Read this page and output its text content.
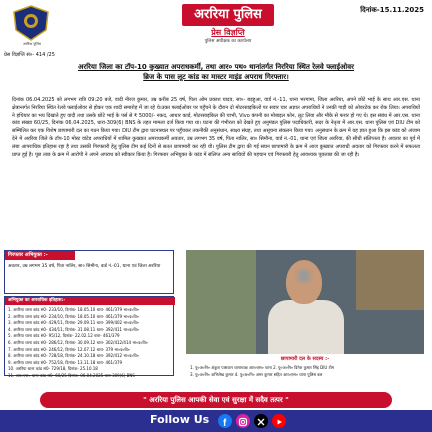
अररिया पुलिस
दिनांक-15.11.2025
अररिया पुलिस
प्रेस विज्ञप्ति
पुलिस अधीक्षक का कार्यालय
प्रेस विज्ञप्ति सं०- 414 /25
अररिया जिला का टॉप-10 कुख्यात अपराधकर्मी, तथा आर० पथ० थानांतर्गत निररिया स्थित रेलवे फ्लाईओवर
ब्रिज के पास लूट कांड का मास्टर माइंड अपराध गिरफ्तार।
दिनांक 06.04.2025 को लगभग रात्रि 09:20 बजे, वादी नीरज कुमार, उम्र करीब 25 वर्ष, पिता ओम प्रकाश यादव, सा०- बड़हुआ, वार्ड नं.-11, थाना भरगामा, जिला अररिया, अपने छोटे भाई के साथ आर.एस. थाना क्षेत्रान्तर्गत निररिया स्थित रेलवे फ्लाईओवर से होकर एक शादी समारोह में जा रहे थे।उक्त फ्लाईओवर पर पहुँचने के दौरान दो मोटरसाइकिलों पर सवार चार अज्ञात अपराधियों ने उनकी गाड़ी को ओवरटेक कर रोक लिया। अपराधियों ने हथियार का भय दिखाते हुए वादी तथा उसके छोटे भाई के पर्स से ₹ 5000/- नकद, आधार कार्ड, मोटरसाइकिल की चाभी, Vivo कंपनी का मोबाइल फोन, लूट लिया और मौके से फरार हो गए थे। इस संबंध में आर.एस. थाना कांड संख्या 60/25, दिनांक 06.04.2025, धारा-309(6) BNS के तहत मामला दर्ज किया गया था। घटना की गंभीरता को देखते हुए अनुमंडल पुलिस पदाधिकारी, सदर के नेतृत्व में आर.एस. थाना पुलिस एवं DIU टीम को सम्मिलित कर एक विशेष छापामारी दल का गठन किया गया। DIU टीम द्वारा घटनास्थल पर पहुँचकर तकनीकी अनुसंधान, साक्ष्य संग्रह, तथा असूचना संकलन किया गया। अनुसंधान के क्रम में यह ज्ञात हुआ कि इस कांड को अंजाम देने में अररिया जिले के टॉप-10 मोस्ट वांटेड अपराधियों में शामिल कुख्यात अपराधकर्मी अवतार, उम्र लगभग 35 वर्ष, पिता नालिर, सा० सिमौना, वार्ड नं.-01, थाना एवं जिला अररिया, की सीधी संलिप्तता है। अवतार का पूर्व में लंबा आपराधिक इतिहास रहा है तथा उसकी गिरफ्तारी हेतु पुलिस टीम कई दिनों से सतत छापामारी कर रही थी। पुलिस टीम द्वारा की गई सघन छापामारी के क्रम में आज कुख्यात अपराधी अवतार को गिरफ्तार करने में सफलता प्राप्त हुई है। पूछ ताछ के क्रम में आरोपी ने अपने अपराध को स्वीकार किया है। गिरफ्तार अभियुक्त के कांड में संलिप्त अन्य साथियों की पहचान एवं गिरफ्तारी हेतु आवश्यक पूछताछ की जा रही है।
गिरफ्तार अभियुक्त :-
अवतार, उम्र लगभग 35 वर्ष, पिता नालिर, सा० सिमौना, वार्ड नं.-01, थाना एवं जिला अररिया
अभियुक्त का अपराधिक इतिहास:-
1. अररिया थाना कांड सं0- 233/10, दिनांक- 18.05.10 धारा- 461/379 भा०द०वि०
2. अररिया थाना कांड सं0- 234/10, दिनांक- 18.05.10 धारा- 461/379 भा०द०वि०
3. अररिया थाना कांड सं0- 429/11, दिनांक- 29.09.11 धारा- 399/402 भा०द०वि०
4. अररिया थाना कांड सं0- 434/11, दिनांक- 31.08.11 धारा- 392/411 भा०द०वि०
5. अररिया थाना कांड सं0- 95/12, दिनांक- 22.02.12 धारा- 461/379
6. अररिया थाना कांड सं0- 286/12, दिनांक- 30.09.12 धारा- 302/412/414 भा०द०वि०
7. अररिया थाना कांड सं0- 246/12, दिनांक- 12.07.12 धारा- 379 भा०द०वि०
8. अररिया थाना कांड सं0- 728/18, दिनांक- 24.10.18 धारा- 392/412 भा०द०वि०
9. अररिया थाना कांड सं0- 752/18, दिनांक- 13.11.18 धारा- 461/379
10. अररिया थाना कांड सं0- 729/18, दिनांक- 25.10.18
11. आर०एस० थाना कांड सं0- 60/25 दिनांक- 06.04.2025 धारा-309(6) BNS
छापामारी दल के सदस्य :-
1. पु०अ०नि० अंकुश पासवान थानाध्यक्ष आर०एस० थाना 2. पु०अ०नि० दिनेश कुमार सिंह DIU टीम
3. पु०अ०नि० अभिलेख कुमार 4. पु०अ०नि० अमर कुमार सहित आर०एस० थाना पुलिस बल
" अररिया पुलिस आपकी सेवा एवं सुरक्षा में सदैव तत्पर "
Follow Us f
